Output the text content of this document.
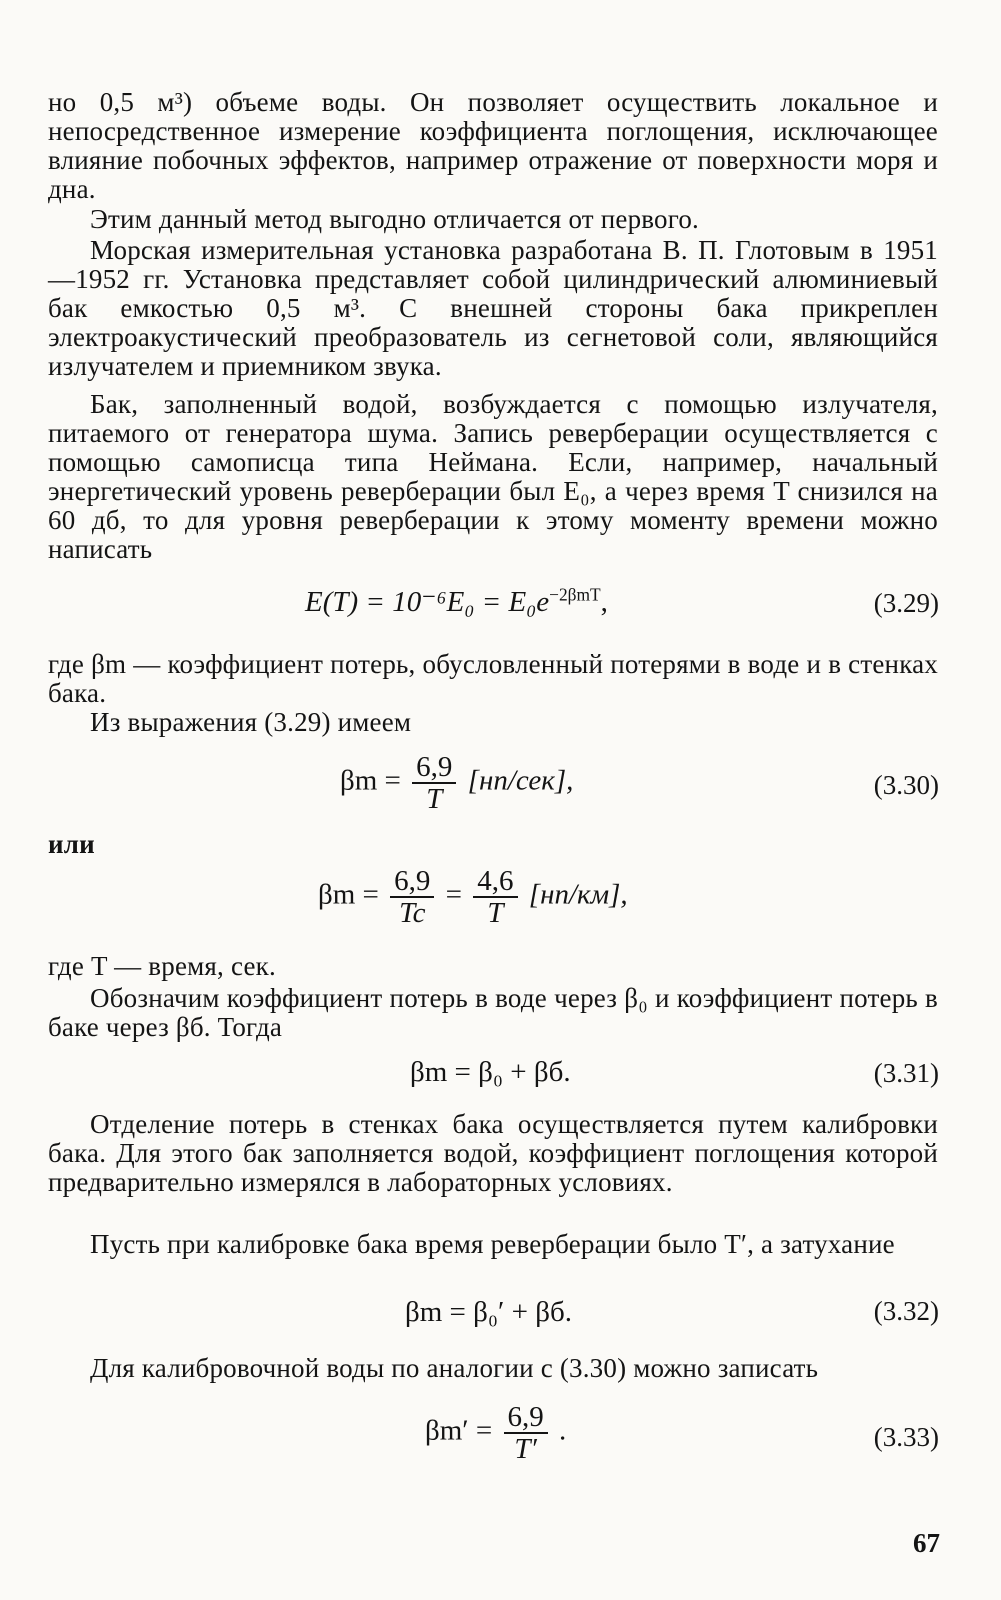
но 0,5 м³) объеме воды. Он позволяет осуществить локальное и непосредственное измерение коэффициента поглощения, исключающее влияние побочных эффектов, например отражение от поверхности моря и дна.

Этим данный метод выгодно отличается от первого.

Морская измерительная установка разработана В. П. Глотовым в 1951—1952 гг. Установка представляет собой цилиндрический алюминиевый бак емкостью 0,5 м³. С внешней стороны бака прикреплен электроакустический преобразователь из сегнетовой соли, являющийся излучателем и приемником звука.

Бак, заполненный водой, возбуждается с помощью излучателя, питаемого от генератора шума. Запись реверберации осуществляется с помощью самописца типа Неймана. Если, например, начальный энергетический уровень реверберации был E₀, а через время T снизился на 60 дб, то для уровня реверберации к этому моменту времени можно написать

$E(T) = 10^{-6}E_0 = E_0e^{-2\beta mT}$,	(3.29)

где βm — коэффициент потерь, обусловленный потерями в воде и в стенках бака.

Из выражения (3.29) имеем

$\beta m = \frac{6,9}{T} [нп/сек]$,	(3.30)

или

$\beta m = \frac{6,9}{Tc} = \frac{4,6}{T} [нп/км]$,

где T — время, сек.

Обозначим коэффициент потерь в воде через β₀ и коэффициент потерь в баке через βб. Тогда

βm = β₀ + βб.	(3.31)

Отделение потерь в стенках бака осуществляется путем калибровки бака. Для этого бак заполняется водой, коэффициент поглощения которой предварительно измерялся в лабораторных условиях.

Пусть при калибровке бака время реверберации было T′, а затухание

βm = β₀′ + βб.	(3.32)

Для калибровочной воды по аналогии с (3.30) можно записать

$\beta m' = \frac{6,9}{T'}$ .	(3.33)
67
